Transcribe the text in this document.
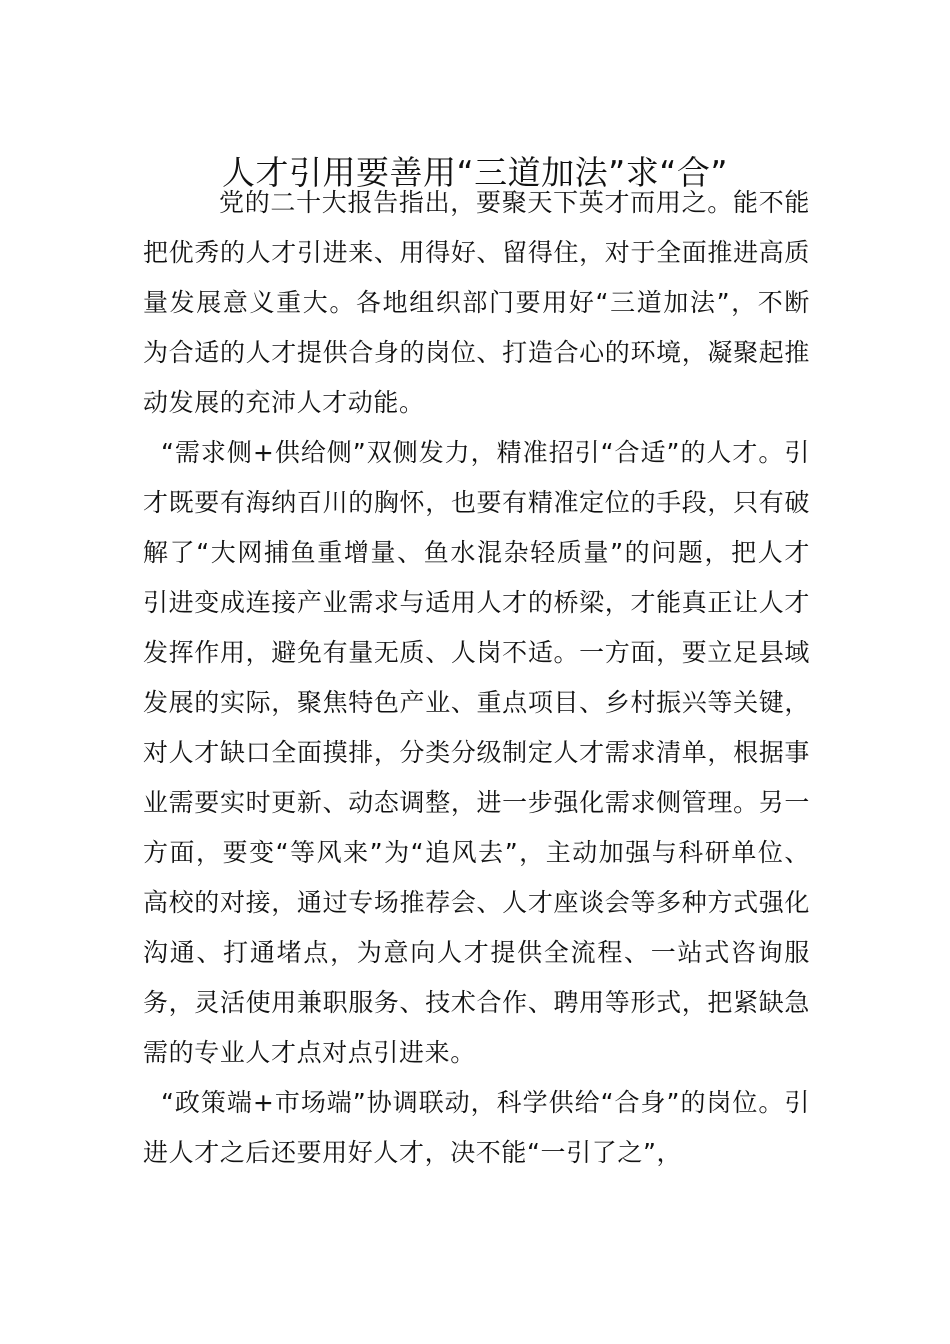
人才引用要善用“三道加法”求“合”

党的二十大报告指出，要聚天下英才而用之。能不能把优秀的人才引进来、用得好、留得住，对于全面推进高质量发展意义重大。各地组织部门要用好“三道加法”，不断为合适的人才提供合身的岗位、打造合心的环境，凝聚起推动发展的充沛人才动能。

“需求侧+供给侧”双侧发力，精准招引“合适”的人才。引才既要有海纳百川的胸怀，也要有精准定位的手段，只有破解了“大网捕鱼重增量、鱼水混杂轻质量”的问题，把人才引进变成连接产业需求与适用人才的桥梁，才能真正让人才发挥作用，避免有量无质、人岗不适。一方面，要立足县域发展的实际，聚焦特色产业、重点项目、乡村振兴等关键，对人才缺口全面摸排，分类分级制定人才需求清单，根据事业需要实时更新、动态调整，进一步强化需求侧管理。另一方面，要变“等风来”为“追风去”，主动加强与科研单位、高校的对接，通过专场推荐会、人才座谈会等多种方式强化沟通、打通堵点，为意向人才提供全流程、一站式咨询服务，灵活使用兼职服务、技术合作、聘用等形式，把紧缺急需的专业人才点对点引进来。

“政策端+市场端”协调联动，科学供给“合身”的岗位。引进人才之后还要用好人才，决不能“一引了之”，
